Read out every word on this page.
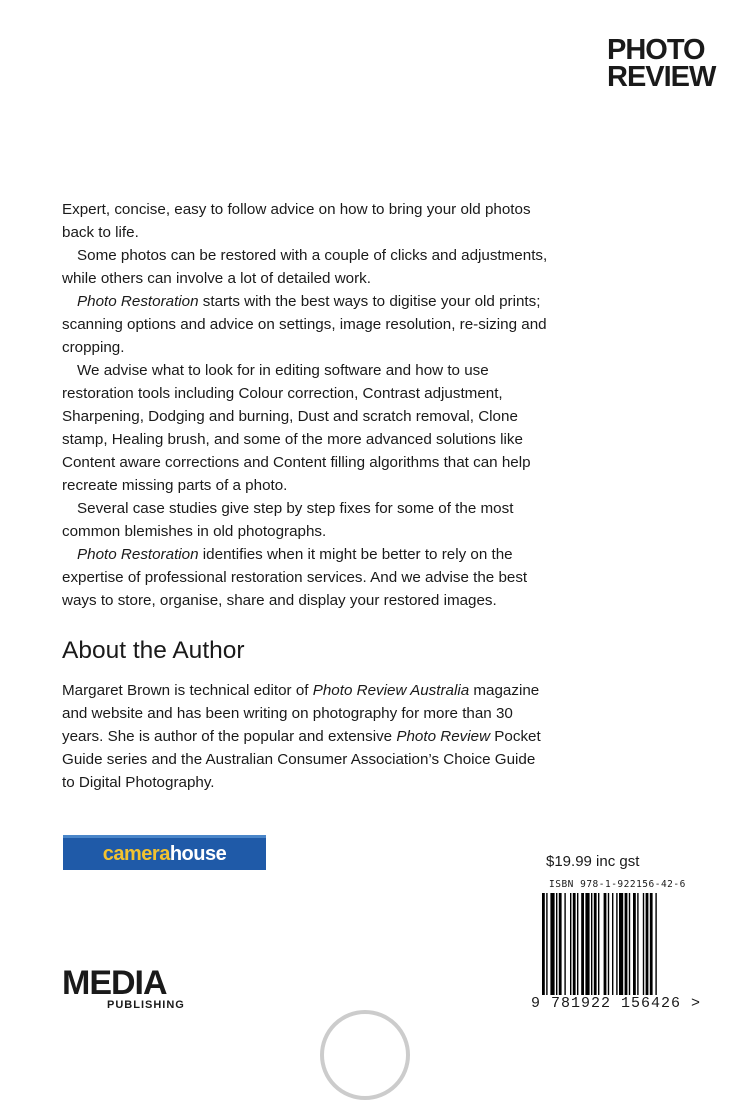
PHOTO
REVIEW

Expert, concise, easy to follow advice on how to bring your old photos back to life.

Some photos can be restored with a couple of clicks and adjustments, while others can involve a lot of detailed work.

Photo Restoration starts with the best ways to digitise your old prints; scanning options and advice on settings, image resolution, re-sizing and cropping.

We advise what to look for in editing software and how to use restoration tools including Colour correction, Contrast adjustment, Sharpening, Dodging and burning, Dust and scratch removal, Clone stamp, Healing brush, and some of the more advanced solutions like Content aware corrections and Content filling algorithms that can help recreate missing parts of a photo.

Several case studies give step by step fixes for some of the most common blemishes in old photographs.

Photo Restoration identifies when it might be better to rely on the expertise of professional restoration services. And we advise the best ways to store, organise, share and display your restored images.

About the Author

Margaret Brown is technical editor of Photo Review Australia magazine and website and has been writing on photography for more than 30 years. She is author of the popular and extensive Photo Review Pocket Guide series and the Australian Consumer Association’s Choice Guide to Digital Photography.

camerahouse	$19.99 inc gst
ISBN 978-1-922156-42-6
9 781922 156426 >
MEDIA
PUBLISHING
